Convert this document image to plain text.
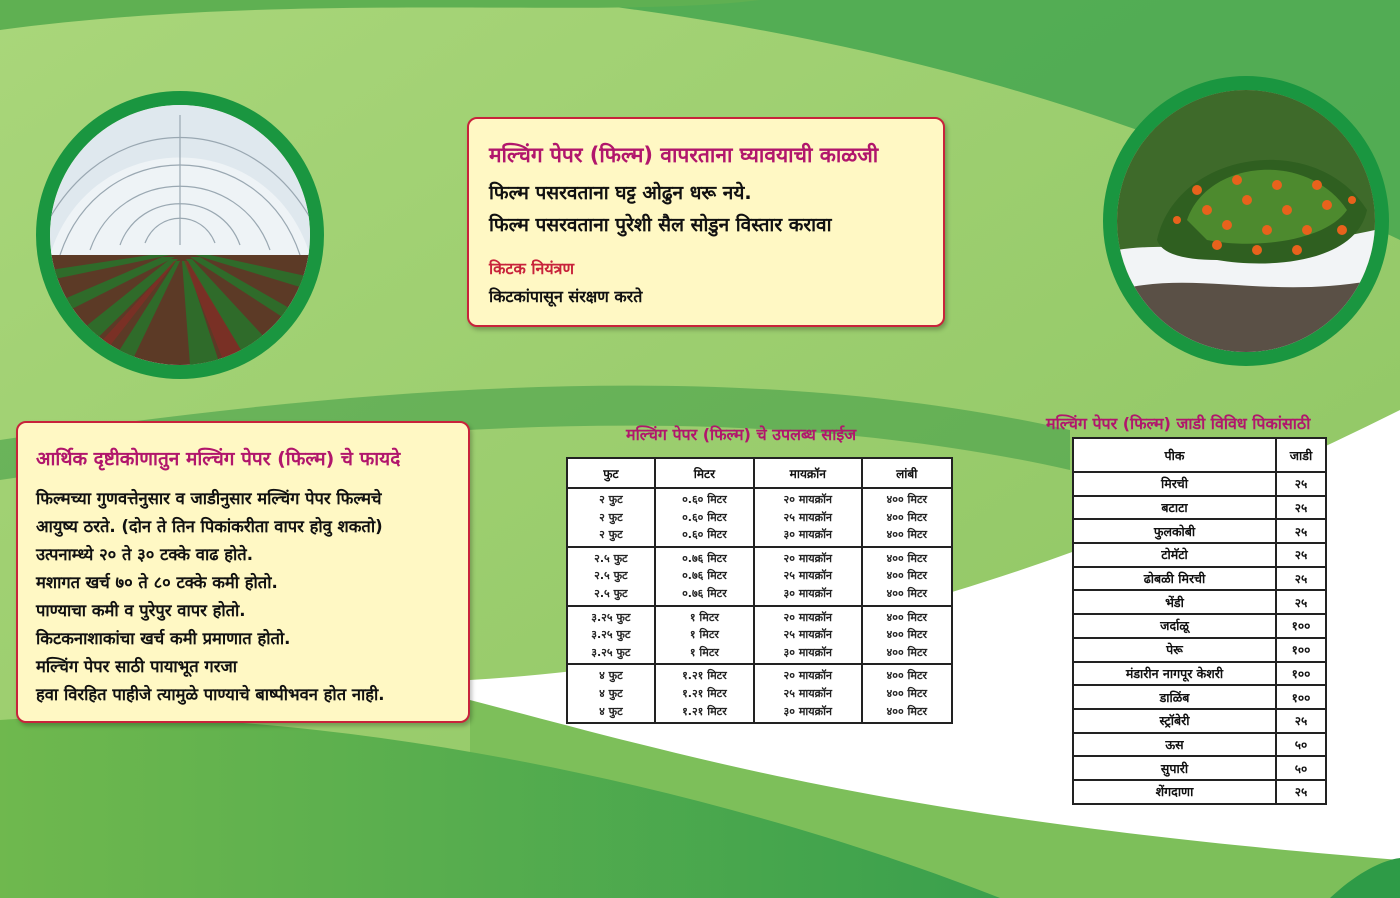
मल्चिंग पेपर (फिल्म) वापरताना घ्यावयाची काळजी
फिल्म पसरवताना घट्ट ओढुन धरू नये.
फिल्म पसरवताना पुरेशी सैल सोडुन विस्तार करावा
किटक नियंत्रण
किटकांपासून संरक्षण करते
आर्थिक दृष्टीकोणातुन मल्चिंग पेपर (फिल्म) चे फायदे
फिल्मच्या गुणवत्तेनुसार व जाडीनुसार मल्चिंग पेपर फिल्मचे
आयुष्य ठरते. (दोन ते तिन पिकांकरीता वापर होवु शकतो)
उत्पनाम्ध्ये २० ते ३० टक्के वाढ होते.
मशागत खर्च ७० ते ८० टक्के कमी होतो.
पाण्याचा कमी व पुरेपुर वापर होतो.
किटकनाशाकांचा खर्च कमी प्रमाणात होतो.
मल्चिंग पेपर साठी पायाभूत गरजा
हवा विरहित पाहीजे त्यामुळे पाण्याचे बाष्पीभवन होत नाही.
मल्चिंग पेपर (फिल्म) चे उपलब्ध साईज
फुट	मिटर	मायक्रॉन	लांबी
२ फुट	०.६० मिटर	२० मायक्रॉन	४०० मिटर
२ फुट	०.६० मिटर	२५ मायक्रॉन	४०० मिटर
२ फुट	०.६० मिटर	३० मायक्रॉन	४०० मिटर
२.५ फुट	०.७६ मिटर	२० मायक्रॉन	४०० मिटर
२.५ फुट	०.७६ मिटर	२५ मायक्रॉन	४०० मिटर
२.५ फुट	०.७६ मिटर	३० मायक्रॉन	४०० मिटर
३.२५ फुट	१ मिटर	२० मायक्रॉन	४०० मिटर
३.२५ फुट	१ मिटर	२५ मायक्रॉन	४०० मिटर
३.२५ फुट	१ मिटर	३० मायक्रॉन	४०० मिटर
४ फुट	१.२१ मिटर	२० मायक्रॉन	४०० मिटर
४ फुट	१.२१ मिटर	२५ मायक्रॉन	४०० मिटर
४ फुट	१.२१ मिटर	३० मायक्रॉन	४०० मिटर
मल्चिंग पेपर (फिल्म) जाडी विविध पिकांसाठी
पीक	जाडी
मिरची	२५
बटाटा	२५
फुलकोबी	२५
टोमॅटो	२५
ढोबळी मिरची	२५
भेंडी	२५
जर्दाळू	१००
पेरू	१००
मंडारीन नागपूर केशरी	१००
डाळिंब	१००
स्ट्रॉबेरी	२५
ऊस	५०
सुपारी	५०
शेंगदाणा	२५
